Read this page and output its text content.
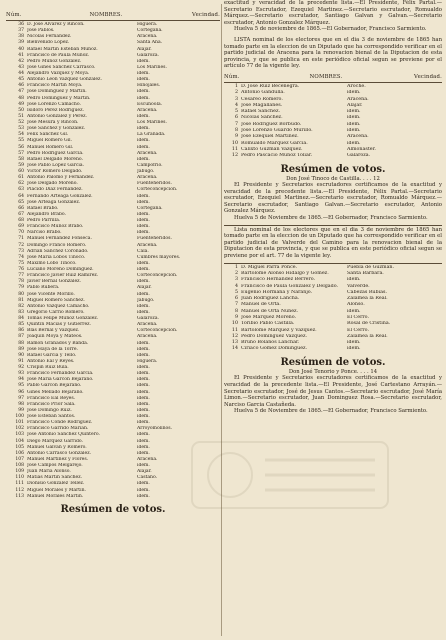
Núm.	NOMBRES.	Vecindad.
36 D. José Alvarez y Rincon.	Higuera.
37 José Pablos.	Cortegana.
38 Nicolás Fernandez.	Aracena.
39 Bienvenido Lopez.	Santa Ana.
40 Rafael Martin Esteban Muñoz.	Alajar.
41 Francisco de Paula Muñoz.	Galaroza.
42 Pedro Muñoz Gonzalez.	idem.
43 José Gines Sanchez Carrasco.	Los Marines.
44 Alejandro Vazquez y Moya.	idem.
45 Antonio Leon Vazquez Gonzalez.	idem.
46 Francisco Martin Moya.	Hinojales.
47 José Dominguez y Martin.	idem.
48 Pedro Dominguez y Martin.	idem.
49 José Lorenzo Camacho.	Escúnoola.
50 Isidoro Perez Rodriguez.	Aracena.
51 Antonio Gonzalez y Perez.	idem.
52 José Mesura y Rincon.	Los Marines.
53 José Sanchez y Gonzalez.	idem.
54 Félix Sanchez Gil.	La Granada.
55 Miguel Romero Gil.	idem.
56 Manuel Romero Gil.	idem.
57 Pedro Rodriguez Garcia.	Aracena.
58 Rafael Delgado Moreno.	idem.
59 José Pablo Lopez Garcia.	Campofrío.
60 Victor Romero Delgado.	Jabugo.
61 Antonio Palomo y Fernandez.	Aracena.
62 José Delgado Moreno.	Fuenteheridos.
63 Plácido Diaz Fernandez.	Corteconcepcion.
64 Fernando Arteaga Gonzalez.	idem.
65 José Arteaga Gonzalez.	idem.
66 Rafael Brabo.	Cortegana.
67 Alejandro Brabo.	idem.
68 Pedro Parrilla.	idem.
69 Francisco Muñoz Brabo.	idem.
70 Narciso Brabo.	idem.
71 Manuel Fernandez Fonseca.	Fuenteheridos.
72 Domingo Franco Romero.	Aracena.
73 Adrian Sanchez Coronado.	Cala.
74 José María Lobos Tinoco.	Cumbres mayores.
75 Maximo Lobo Tinoco.	idem.
76 Luciano Moreno Dominguez.	idem.
77 Francisco Javier Ruiz Ramirez.	Corteconcepcion.
78 Javier Bernal Gonzalez.	idem.
79 Pablo Rubera.	Alajar.
80 José Vicente Morillo.	idem.
81 Miguel Romero Sanchez.	Jabugo.
82 Antonio Vazquez Camacho.	idem.
83 Gregorio Carrio Romero.	idem.
84 Tomás Felipe Muñoz Gonzalez.	Galaroza.
85 Quintín Macías y Gutierrez.	Aracena.
86 Blas Bernal y Vazquez.	Corteconcepcion.
87 Joaquin Moya y Mateos.	Aracena.
88 Ramon Granados y Banda.	idem.
89 José Haya de la Torre.	idem.
90 Rafael Garcia y Tello.	idem.
91 Antonio Eal y Reyes.	Higuera.
92 Crispin Ruiz Bula.	idem.
93 Francisco Fernandez Garcia.	idem.
94 José María Garcon Bejarano.	idem.
95 Pablo Garcon Bejarano.	idem.
96 Ginés Mellado Bejarano.	idem.
97 Francisco Eal Reyes.	idem.
98 Francisco Prior Sala.	idem.
99 José Domingo Ruiz.	idem.
100 José Esteban Santos.	idem.
101 Francisco Conde Rodriguez.	idem.
102 Francisco Garrido Marian.	Arroyomolinos.
103 José Antonio Sanchez Quintero.	idem.
104 Diego Márquez Garrido.	idem.
105 Manuel Galvan y Romero.	idem.
106 Antonio Carrasco Gonzalez.	idem.
107 Manuel Martinez y Flores.	Aracena.
108 José Campos Melgarejo.	idem.
109 Juan María Alonso.	Alajar.
110 Matías Martin Sanchez.	Castaño.
111 Dionisio Gonzalez Tellez.	idem.
112 Miguel Morales y Martin.	idem.
113 Manuel Morales Martin.	idem.
Resúmen de votos.

exactitud y veracidad de la precedente lista.—El Presidente, Félix Partal.—Secretario Escrutador, Ezequiel Martinez.—Secretario escrutador, Romualdo Márquez.—Secretario escrutador, Santiago Galvan y Galvan.—Secretario escrutador, Antonio Gonzalez Márquez.

Huelva 5 de noviembre de 1865.—El Gobernador, Francisco Sarmiento.

LISTA nominal de los electores que en el dia 3 de noviembre de 1865 han tomado parte en la eleccion de un Diputado que ha correspondido verificar en el partido judicial de Aracena para la renovacion bienal de la Diputacion de esta provincia, y que se publica en este periódico oficial segun se previene por el artículo 77 de la vigente ley.

Núm.	NOMBRES.	Vecindad.
1 D. José Ruiz Becenegra.	Aroche.
2 Antonio Gandulla.	idem.
3 Cesareo Romero.	Aracena.
4 José Magallanes.	Alajar.
5 Rafael Sanchez.	idem.
6 Nicolás Sanchez.	idem.
7 José Rodriguez Borbudo.	idem.
8 José Lorenzo Guardo Murillo.	idem.
9 José Ezequiel Martinez.	Aracena.
10 Romualdo Márquez Garcia.	idem.
11 Calixto Guzman Vazquez.	Almonaster.
12 Pedro Pascacio Muñoz Toliar.	Galaroza.
Resúmen de votos.

Don José Tinoco de Castilla. . . . 12

El Presidente y Secretarios escrutadores certificamos de la exactitud y veracidad de la precedente lista.—El Presidente, Félix Partal.—Secretario escrutador, Ezequiel Martinez.—Secretario escrutador, Romualdo Márquez.—Secretario escrutador, Santiago Galvan.—Secretario escrutador, Antonio Gonzalez Márquez.

Huelva 5 de Noviembre de 1865.—El Gobernador, Francisco Sarmiento.

Lista nominal de los electores que en el dia 3 de noviembre de 1865 han tomado parte en la eleccion de un Diputado que ha correspondido verificar en el partido judicial de Valverde del Camino para la renovacion bienal de la Diputacion de esta provincia, y que se publica en este periódico oficial segun se previene por el art. 77 de la vigente ley.

1 D. Miguel Parra Ponce.	Puebla de Guzman.
2 Bartolomé Alonso Hidalgo y Gomez.	Santa Bárbara.
3 Francisco Hernandez Berrero.	idem.
4 Francisco de Paula Gonzalez y Delgado.	Valverde.
5 Eugenio Hormana y Naranjo.	Cabezas Rubias.
6 Juan Rodriguez Lancha.	Zalamea la Real.
7 Manuel de Orta.	Alonso.
8 Manuel de Orta Nuñez.	idem.
9 José Márquez Moreno.	El Cerro.
10 Toribio Pablo Castilla.	Rosal de Cristina.
11 Bartolomé Márquez y Vazquez.	El Cerro.
12 Pedro Dominguez Vazquez.	Zalamea la Real.
13 Bruno Bolaños Lanchar.	idem.
14 Ciriaco Gomez Dominguez.	idem.
Resúmen de votos.

Don José Tenorio y Ponce. . . . 14

El Presidente y Secretarios escrutadores certificamos de la exactitud y veracidad de la precedente lista.—El Presidente, José Cartestano Arrayán.—Secretario escrutador, José de Jesus Cantos.—Secretario escrutador, José María Limon.—Secretario escrutador, Juan Dominguez Rosa.—Secretario escrutador, Narciso Garcia Castañeda.

Huelva 5 de Noviembre de 1865.—El Gobernador, Francisco Sarmiento.
